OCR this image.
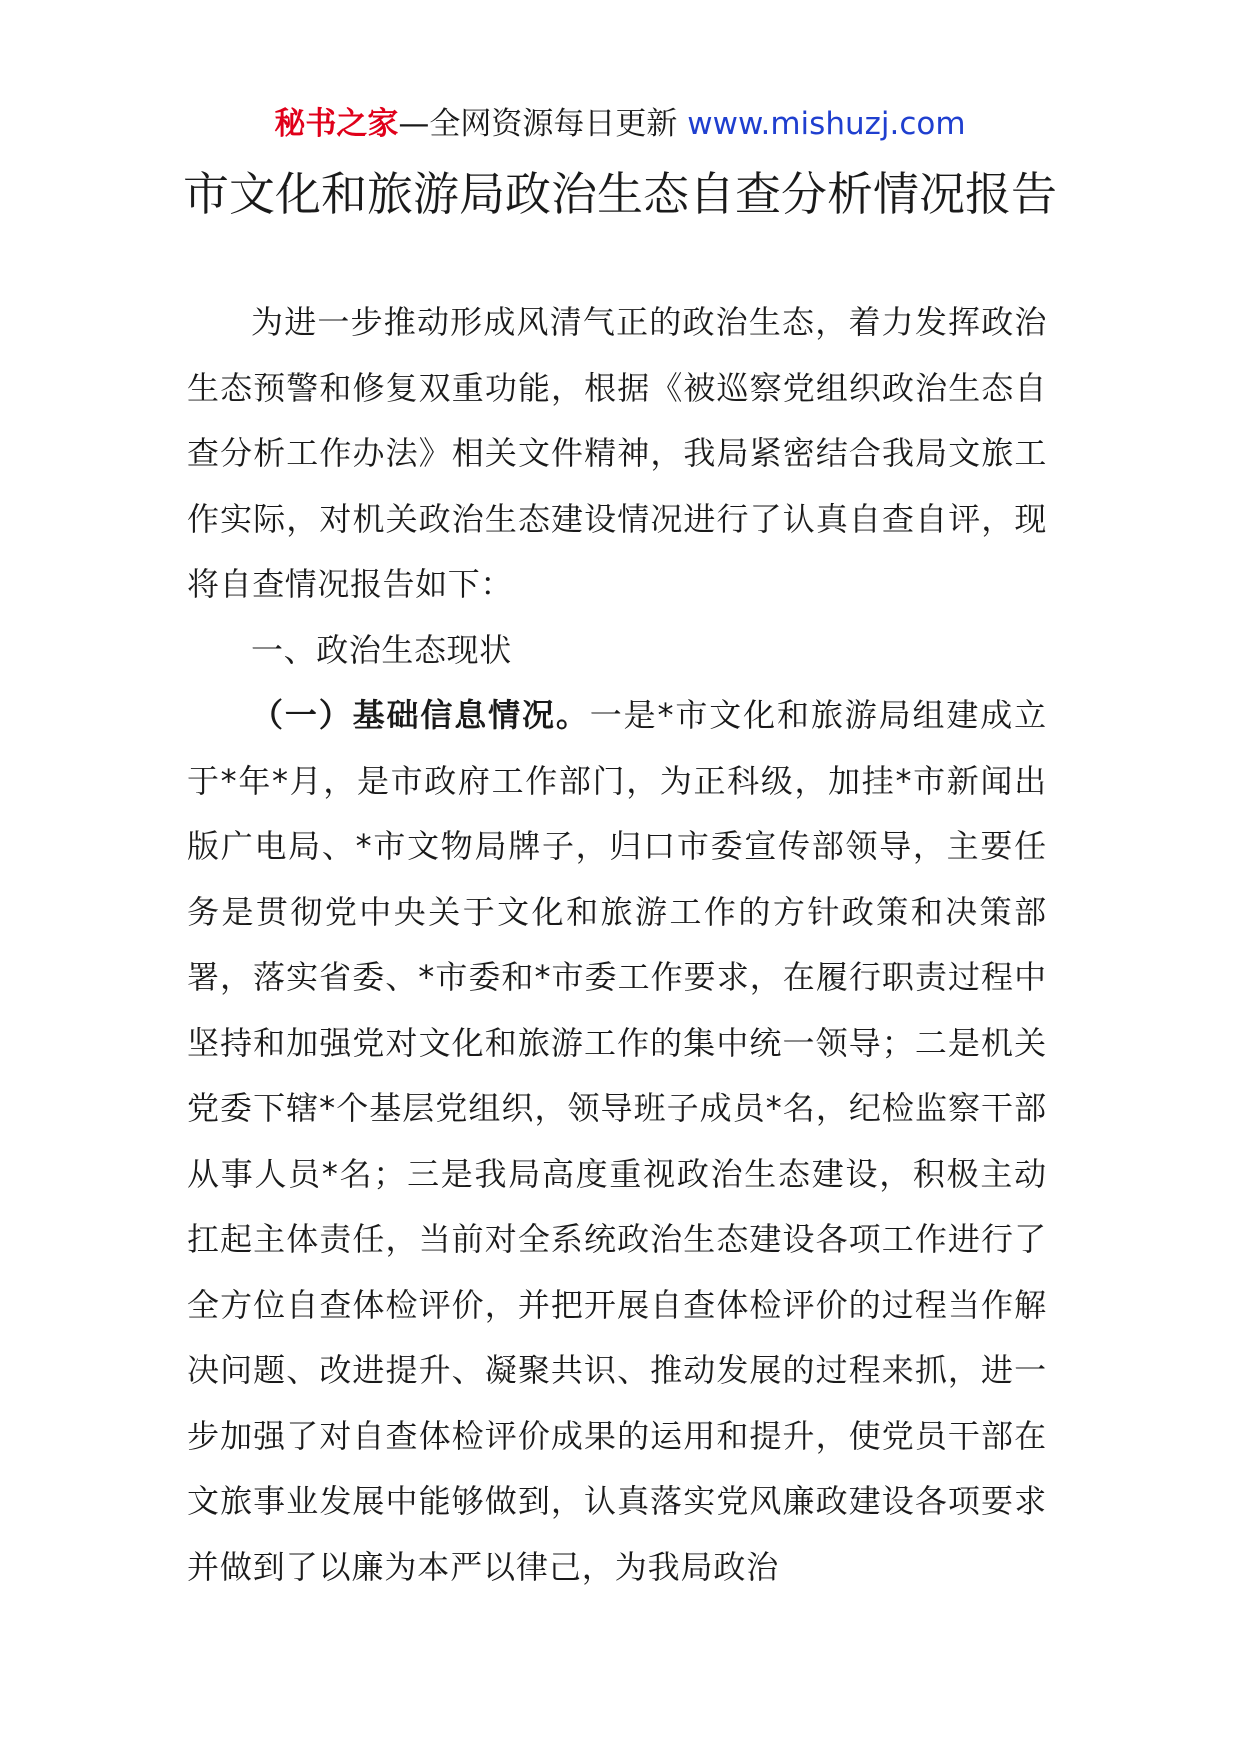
秘书之家—全网资源每日更新 www.mishuzj.com
市文化和旅游局政治生态自查分析情况报告

为进一步推动形成风清气正的政治生态，着力发挥政治生态预警和修复双重功能，根据《被巡察党组织政治生态自查分析工作办法》相关文件精神，我局紧密结合我局文旅工作实际，对机关政治生态建设情况进行了认真自查自评，现将自查情况报告如下：

一、政治生态现状

（一）基础信息情况。一是*市文化和旅游局组建成立于*年*月，是市政府工作部门，为正科级，加挂*市新闻出版广电局、*市文物局牌子，归口市委宣传部领导，主要任务是贯彻党中央关于文化和旅游工作的方针政策和决策部署，落实省委、*市委和*市委工作要求，在履行职责过程中坚持和加强党对文化和旅游工作的集中统一领导；二是机关党委下辖*个基层党组织，领导班子成员*名，纪检监察干部从事人员*名；三是我局高度重视政治生态建设，积极主动扛起主体责任，当前对全系统政治生态建设各项工作进行了全方位自查体检评价，并把开展自查体检评价的过程当作解决问题、改进提升、凝聚共识、推动发展的过程来抓，进一步加强了对自查体检评价成果的运用和提升，使党员干部在文旅事业发展中能够做到，认真落实党风廉政建设各项要求并做到了以廉为本严以律己，为我局政治
